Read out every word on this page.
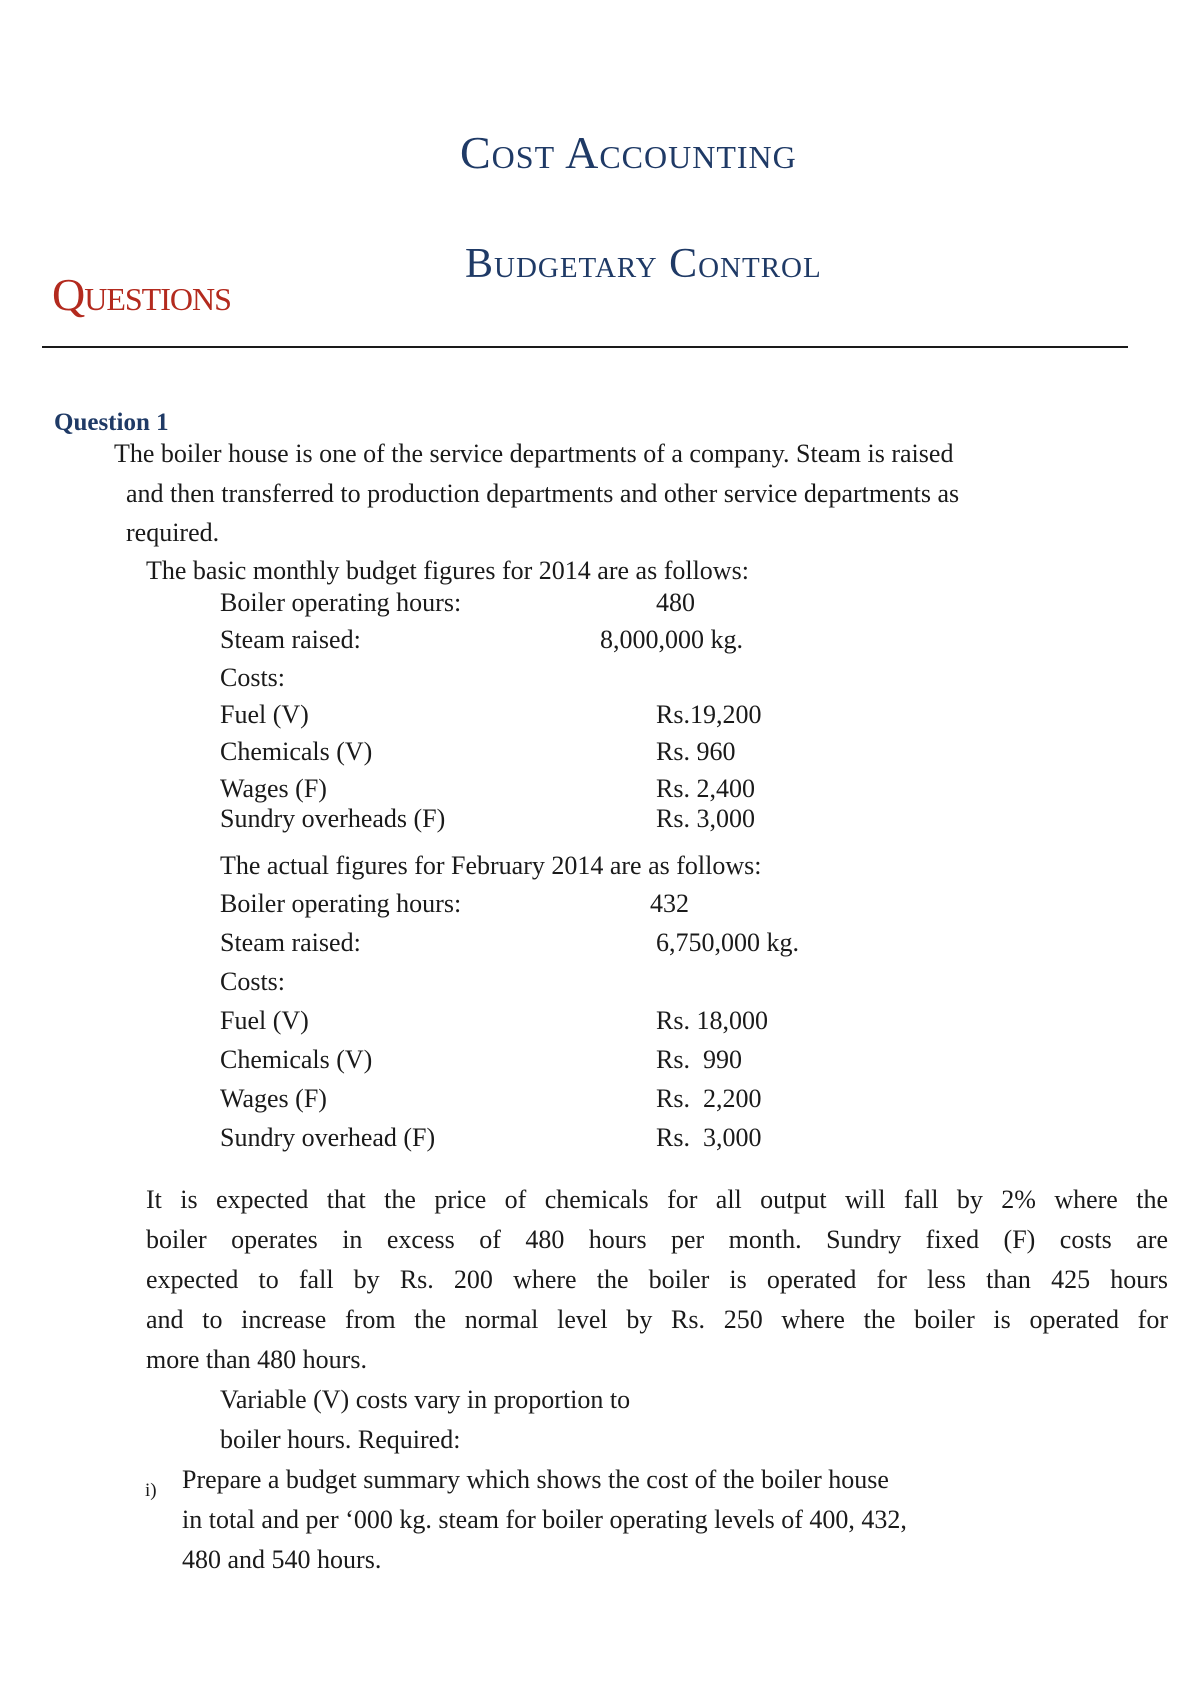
Cost Accounting
Questions
Budgetary Control
Question 1
The boiler house is one of the service departments of a company. Steam is raised
and then transferred to production departments and other service departments as
required.
The basic monthly budget figures for 2014 are as follows:
Boiler operating hours:	480
Steam raised:	8,000,000 kg.
Costs:
Fuel (V)	Rs.19,200
Chemicals (V)	Rs. 960
Wages (F)	Rs. 2,400
Sundry overheads (F)	Rs. 3,000
The actual figures for February 2014 are as follows:
Boiler operating hours:	432
Steam raised:	6,750,000 kg.
Costs:
Fuel (V)	Rs. 18,000
Chemicals (V)	Rs.  990
Wages (F)	Rs.  2,200
Sundry overhead (F)	Rs.  3,000
It is expected that the price of chemicals for all output will fall by 2% where the
boiler operates in excess of 480 hours per month. Sundry fixed (F) costs are
expected to fall by Rs. 200 where the boiler is operated for less than 425 hours
and to increase from the normal level by Rs. 250 where the boiler is operated for
more than 480 hours.
Variable (V) costs vary in proportion to
boiler hours. Required:
i) Prepare a budget summary which shows the cost of the boiler house
in total and per ‘000 kg. steam for boiler operating levels of 400, 432,
480 and 540 hours.
